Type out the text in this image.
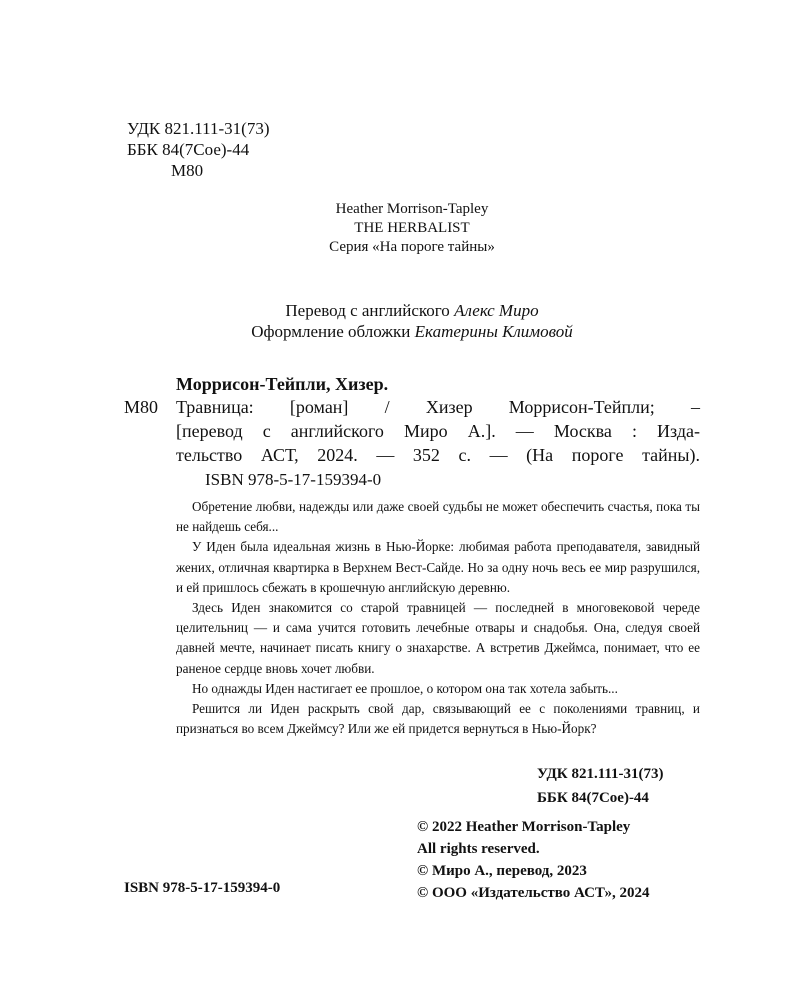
УДК 821.111-31(73)
ББК 84(7Сое)-44
М80
Heather Morrison-Tapley
THE HERBALIST
Серия «На пороге тайны»
Перевод с английского Алекс Миро
Оформление обложки Екатерины Климовой
Моррисон-Тейпли, Хизер.
М80 Травница: [роман] / Хизер Моррисон-Тейпли; –
[перевод с английского Миро А.]. — Москва : Изда-
тельство АСТ, 2024. — 352 с. — (На пороге тайны).
ISBN 978-5-17-159394-0

Обретение любви, надежды или даже своей судьбы не может обеспечить счастья, пока ты не найдешь себя...

У Иден была идеальная жизнь в Нью-Йорке: любимая работа преподавателя, завидный жених, отличная квартирка в Верхнем Вест-Сайде. Но за одну ночь весь ее мир разрушился, и ей пришлось сбежать в крошечную английскую деревню.

Здесь Иден знакомится со старой травницей — последней в многовековой череде целительниц — и сама учится готовить лечебные отвары и снадобья. Она, следуя своей давней мечте, начинает писать книгу о знахарстве. А встретив Джеймса, понимает, что ее раненое сердце вновь хочет любви.

Но однажды Иден настигает ее прошлое, о котором она так хотела забыть...

Решится ли Иден раскрыть свой дар, связывающий ее с поколениями травниц, и признаться во всем Джеймсу? Или же ей придется вернуться в Нью-Йорк?

УДК 821.111-31(73)
ББК 84(7Сое)-44
© 2022 Heather Morrison-Tapley
All rights reserved.
© Миро А., перевод, 2023
© ООО «Издательство АСТ», 2024
ISBN 978-5-17-159394-0
